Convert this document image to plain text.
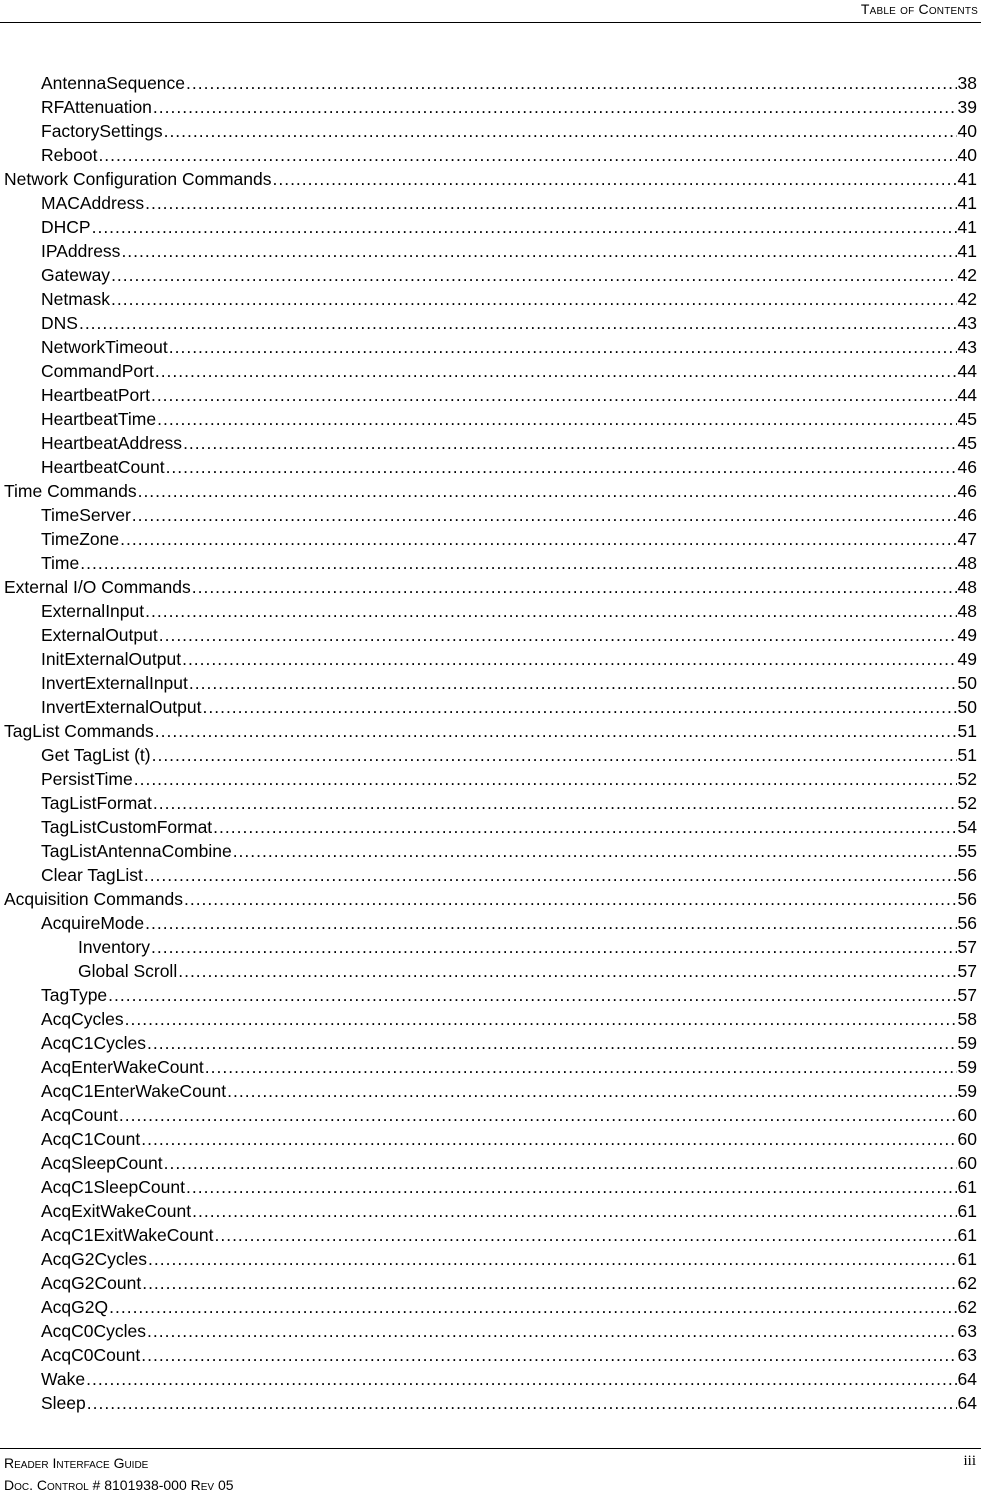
Table of Contents
AntennaSequence .....	38
RFAttenuation .....	39
FactorySettings .....	40
Reboot .....	40
Network Configuration Commands .....	41
MACAddress .....	41
DHCP .....	41
IPAddress .....	41
Gateway .....	42
Netmask .....	42
DNS .....	43
NetworkTimeout .....	43
CommandPort .....	44
HeartbeatPort .....	44
HeartbeatTime .....	45
HeartbeatAddress .....	45
HeartbeatCount .....	46
Time Commands .....	46
TimeServer .....	46
TimeZone .....	47
Time .....	48
External I/O Commands .....	48
ExternalInput .....	48
ExternalOutput .....	49
InitExternalOutput .....	49
InvertExternalInput .....	50
InvertExternalOutput .....	50
TagList Commands .....	51
Get TagList (t) .....	51
PersistTime .....	52
TagListFormat .....	52
TagListCustomFormat .....	54
TagListAntennaCombine .....	55
Clear TagList .....	56
Acquisition Commands .....	56
AcquireMode .....	56
Inventory .....	57
Global Scroll .....	57
TagType .....	57
AcqCycles .....	58
AcqC1Cycles .....	59
AcqEnterWakeCount .....	59
AcqC1EnterWakeCount .....	59
AcqCount .....	60
AcqC1Count .....	60
AcqSleepCount .....	60
AcqC1SleepCount .....	61
AcqExitWakeCount .....	61
AcqC1ExitWakeCount .....	61
AcqG2Cycles .....	61
AcqG2Count .....	62
AcqG2Q .....	62
AcqC0Cycles .....	63
AcqC0Count .....	63
Wake .....	64
Sleep .....	64
Reader Interface Guide
Doc. Control # 8101938-000 Rev 05
iii
